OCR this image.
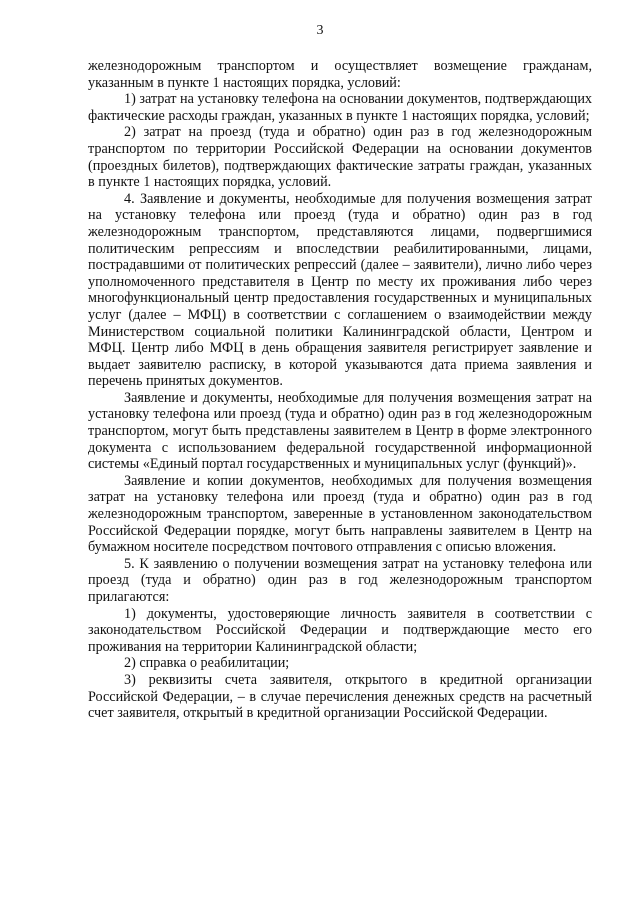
3

железнодорожным транспортом и осуществляет возмещение гражданам, указанным в пункте 1 настоящих порядка, условий:

1) затрат на установку телефона на основании документов, подтверждающих фактические расходы граждан, указанных в пункте 1 настоящих порядка, условий;

2) затрат на проезд (туда и обратно) один раз в год железнодорожным транспортом по территории Российской Федерации на основании документов (проездных билетов), подтверждающих фактические затраты граждан, указанных в пункте 1 настоящих порядка, условий.

4. Заявление и документы, необходимые для получения возмещения затрат на установку телефона или проезд (туда и обратно) один раз в год железнодорожным транспортом, представляются лицами, подвергшимися политическим репрессиям и впоследствии реабилитированными, лицами, пострадавшими от политических репрессий (далее – заявители), лично либо через уполномоченного представителя в Центр по месту их проживания либо через многофункциональный центр предоставления государственных и муниципальных услуг (далее – МФЦ) в соответствии с соглашением о взаимодействии между Министерством социальной политики Калининградской области, Центром и МФЦ. Центр либо МФЦ в день обращения заявителя регистрирует заявление и выдает заявителю расписку, в которой указываются дата приема заявления и перечень принятых документов.

Заявление и документы, необходимые для получения возмещения затрат на установку телефона или проезд (туда и обратно) один раз в год железнодорожным транспортом, могут быть представлены заявителем в Центр в форме электронного документа с использованием федеральной государственной информационной системы «Единый портал государственных и муниципальных услуг (функций)».

Заявление и копии документов, необходимых для получения возмещения затрат на установку телефона или проезд (туда и обратно) один раз в год железнодорожным транспортом, заверенные в установленном законодательством Российской Федерации порядке, могут быть направлены заявителем в Центр на бумажном носителе посредством почтового отправления с описью вложения.

5. К заявлению о получении возмещения затрат на установку телефона или проезд (туда и обратно) один раз в год железнодорожным транспортом прилагаются:

1) документы, удостоверяющие личность заявителя в соответствии с законодательством Российской Федерации и подтверждающие место его проживания на территории Калининградской области;

2) справка о реабилитации;

3) реквизиты счета заявителя, открытого в кредитной организации Российской Федерации, – в случае перечисления денежных средств на расчетный счет заявителя, открытый в кредитной организации Российской Федерации.
